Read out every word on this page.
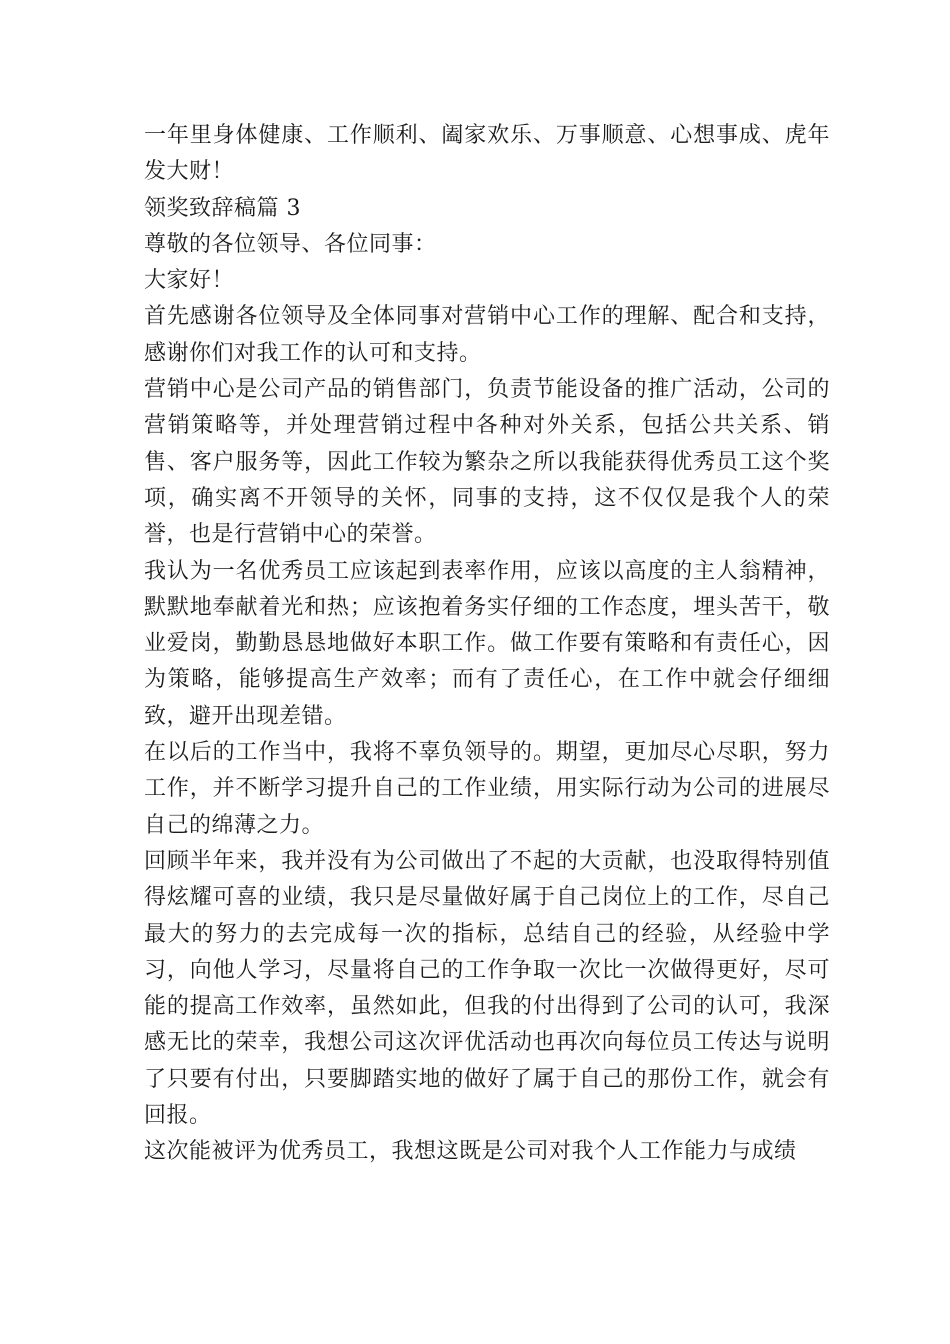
一年里身体健康、工作顺利、阖家欢乐、万事顺意、心想事成、虎年发大财！

领奖致辞稿篇 3

尊敬的各位领导、各位同事：

大家好！

首先感谢各位领导及全体同事对营销中心工作的理解、配合和支持，感谢你们对我工作的认可和支持。

营销中心是公司产品的销售部门，负责节能设备的推广活动，公司的营销策略等，并处理营销过程中各种对外关系，包括公共关系、销售、客户服务等，因此工作较为繁杂之所以我能获得优秀员工这个奖项，确实离不开领导的关怀，同事的支持，这不仅仅是我个人的荣誉，也是行营销中心的荣誉。

我认为一名优秀员工应该起到表率作用，应该以高度的主人翁精神，默默地奉献着光和热；应该抱着务实仔细的工作态度，埋头苦干，敬业爱岗，勤勤恳恳地做好本职工作。做工作要有策略和有责任心，因为策略，能够提高生产效率；而有了责任心，在工作中就会仔细细致，避开出现差错。

在以后的工作当中，我将不辜负领导的。期望，更加尽心尽职，努力工作，并不断学习提升自己的工作业绩，用实际行动为公司的进展尽自己的绵薄之力。

回顾半年来，我并没有为公司做出了不起的大贡献，也没取得特别值得炫耀可喜的业绩，我只是尽量做好属于自己岗位上的工作，尽自己最大的努力的去完成每一次的指标，总结自己的经验，从经验中学习，向他人学习，尽量将自己的工作争取一次比一次做得更好，尽可能的提高工作效率，虽然如此，但我的付出得到了公司的认可，我深感无比的荣幸，我想公司这次评优活动也再次向每位员工传达与说明了只要有付出，只要脚踏实地的做好了属于自己的那份工作，就会有回报。

这次能被评为优秀员工，我想这既是公司对我个人工作能力与成绩
